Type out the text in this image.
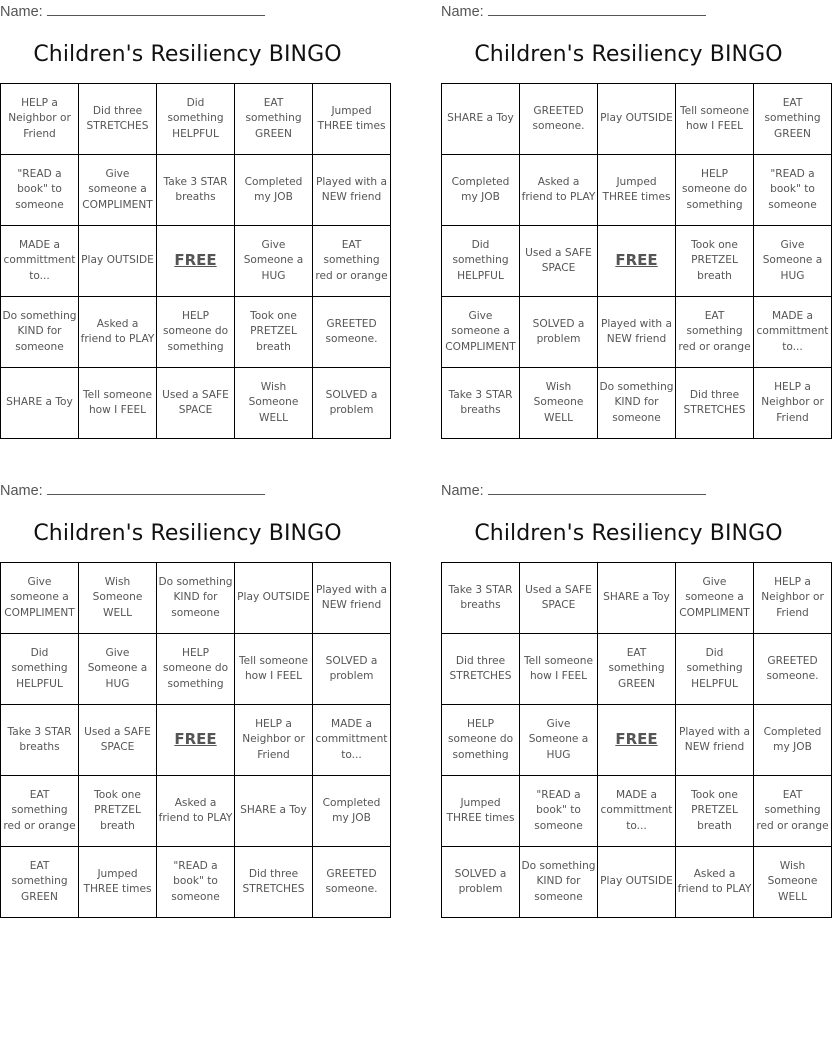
Name:
Children's Resiliency BINGO
HELP a Neighbor or Friend	Did three STRETCHES	Did something HELPFUL	EAT something GREEN	Jumped THREE times
"READ a book" to someone	Give someone a COMPLIMENT	Take 3 STAR breaths	Completed my JOB	Played with a NEW friend
MADE a committment to...	Play OUTSIDE	FREE	Give Someone a HUG	EAT something red or orange
Do something KIND for someone	Asked a friend to PLAY	HELP someone do something	Took one PRETZEL breath	GREETED someone.
SHARE a Toy	Tell someone how I FEEL	Used a SAFE SPACE	Wish Someone WELL	SOLVED a problem
Name:
Children's Resiliency BINGO
SHARE a Toy	GREETED someone.	Play OUTSIDE	Tell someone how I FEEL	EAT something GREEN
Completed my JOB	Asked a friend to PLAY	Jumped THREE times	HELP someone do something	"READ a book" to someone
Did something HELPFUL	Used a SAFE SPACE	FREE	Took one PRETZEL breath	Give Someone a HUG
Give someone a COMPLIMENT	SOLVED a problem	Played with a NEW friend	EAT something red or orange	MADE a committment to...
Take 3 STAR breaths	Wish Someone WELL	Do something KIND for someone	Did three STRETCHES	HELP a Neighbor or Friend
Name:
Children's Resiliency BINGO
Give someone a COMPLIMENT	Wish Someone WELL	Do something KIND for someone	Play OUTSIDE	Played with a NEW friend
Did something HELPFUL	Give Someone a HUG	HELP someone do something	Tell someone how I FEEL	SOLVED a problem
Take 3 STAR breaths	Used a SAFE SPACE	FREE	HELP a Neighbor or Friend	MADE a committment to...
EAT something red or orange	Took one PRETZEL breath	Asked a friend to PLAY	SHARE a Toy	Completed my JOB
EAT something GREEN	Jumped THREE times	"READ a book" to someone	Did three STRETCHES	GREETED someone.
Name:
Children's Resiliency BINGO
Take 3 STAR breaths	Used a SAFE SPACE	SHARE a Toy	Give someone a COMPLIMENT	HELP a Neighbor or Friend
Did three STRETCHES	Tell someone how I FEEL	EAT something GREEN	Did something HELPFUL	GREETED someone.
HELP someone do something	Give Someone a HUG	FREE	Played with a NEW friend	Completed my JOB
Jumped THREE times	"READ a book" to someone	MADE a committment to...	Took one PRETZEL breath	EAT something red or orange
SOLVED a problem	Do something KIND for someone	Play OUTSIDE	Asked a friend to PLAY	Wish Someone WELL
